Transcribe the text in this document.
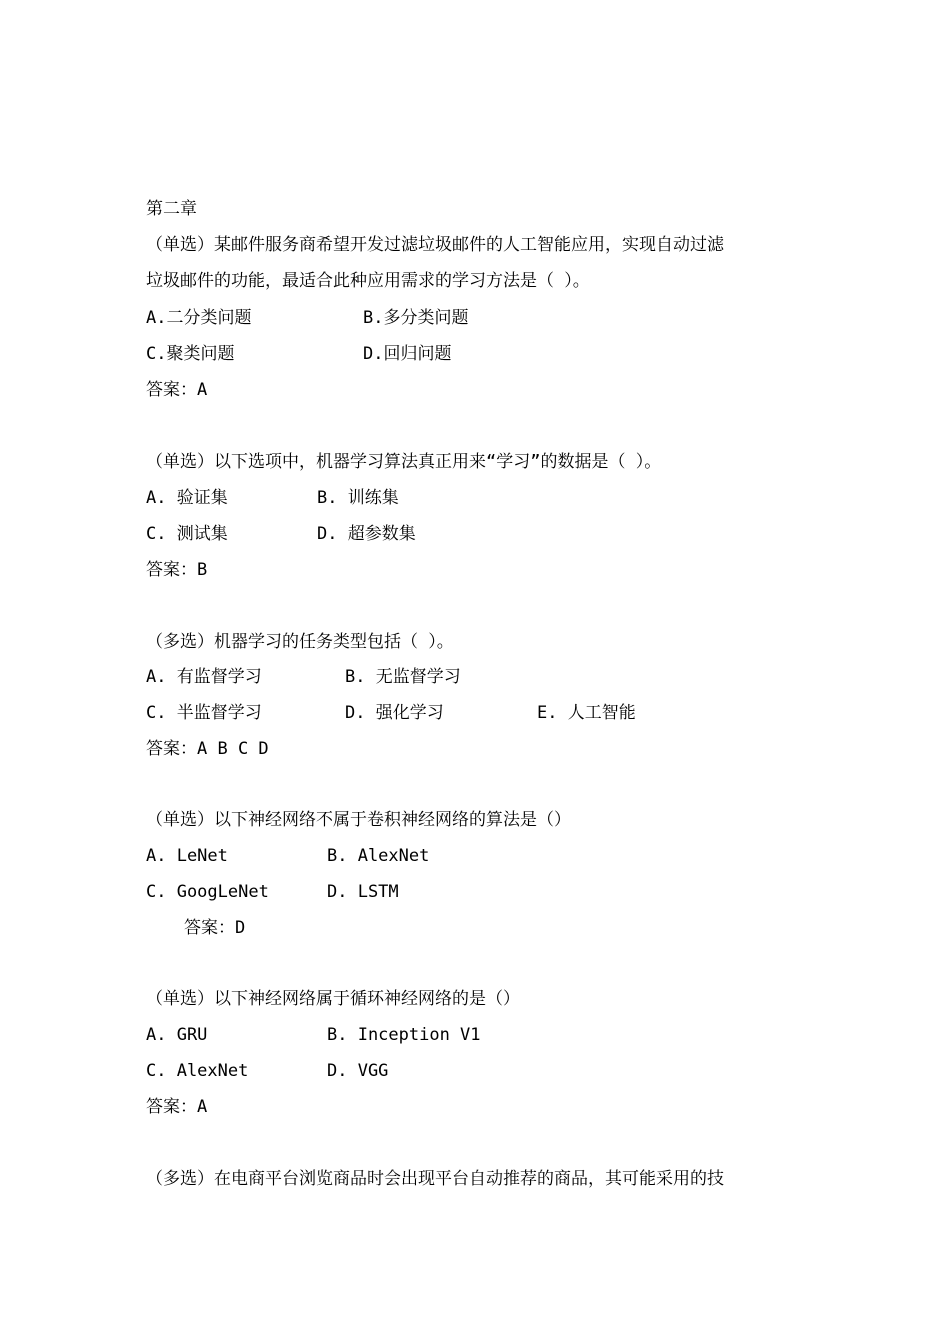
第二章
（单选）某邮件服务商希望开发过滤垃圾邮件的人工智能应用，实现自动过滤
垃圾邮件的功能，最适合此种应用需求的学习方法是（ ）。
A.二分类问题	B.多分类问题
C.聚类问题	D.回归问题
答案：A
（单选）以下选项中，机器学习算法真正用来“学习”的数据是（ ）。
A. 验证集	B. 训练集
C. 测试集	D. 超参数集
答案：B
（多选）机器学习的任务类型包括（ ）。
A. 有监督学习	B. 无监督学习
C. 半监督学习	D. 强化学习	E. 人工智能
答案：A B C D
（单选）以下神经网络不属于卷积神经网络的算法是（）
A. LeNet	B. AlexNet
C. GoogLeNet	D. LSTM
答案：D
（单选）以下神经网络属于循环神经网络的是（）
A. GRU	B. Inception V1
C. AlexNet	D. VGG
答案：A
（多选）在电商平台浏览商品时会出现平台自动推荐的商品，其可能采用的技
